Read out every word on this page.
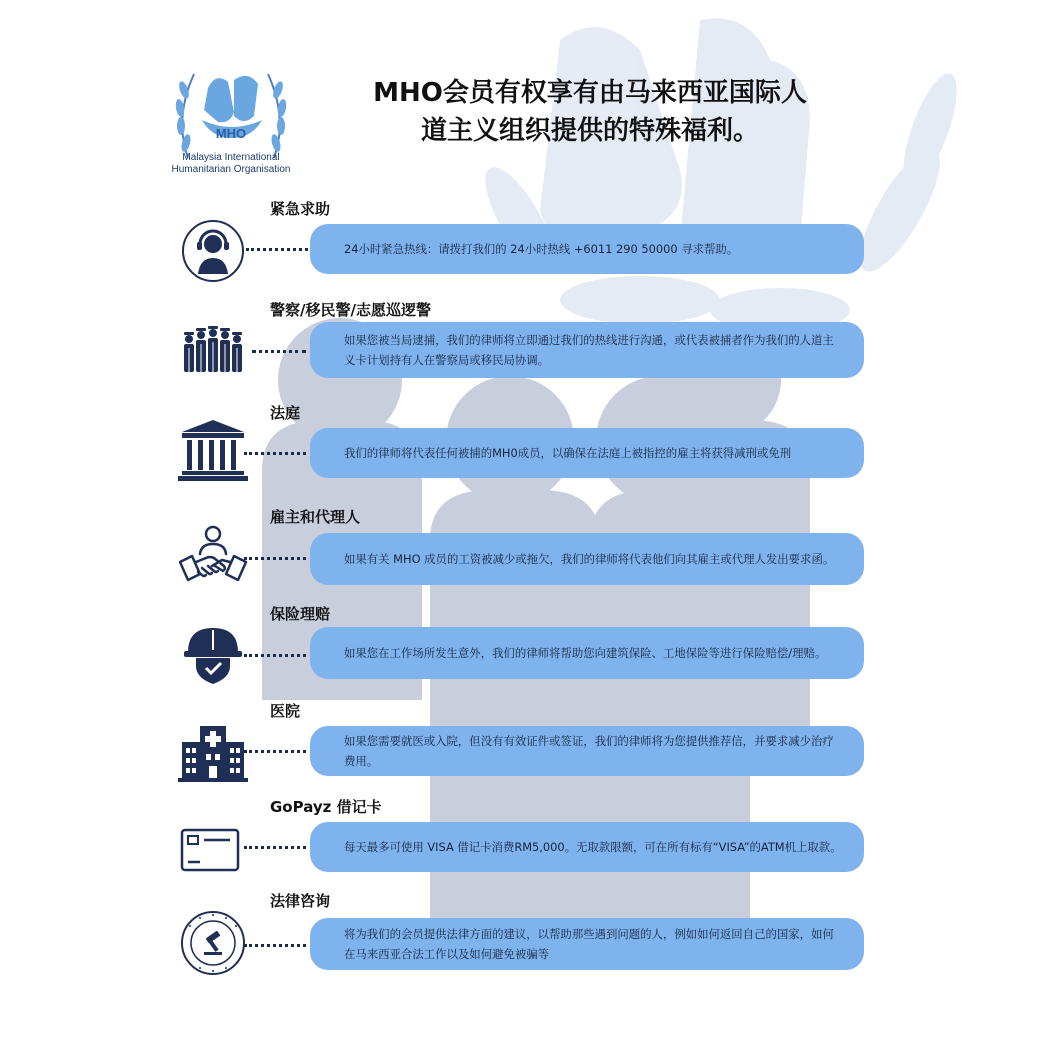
MHO
Malaysia International
Humanitarian Organisation
MHO会员有权享有由马来西亚国际人
道主义组织提供的特殊福利。
紧急求助
24小时紧急热线：请拨打我们的 24小时热线 +6011 290 50000 寻求帮助。
警察/移民警/志愿巡逻警
如果您被当局逮捕，我们的律师将立即通过我们的热线进行沟通，或代表被捕者作为我们的人道主义卡计划持有人在警察局或移民局协调。
法庭
我们的律师将代表任何被捕的MH0成员，以确保在法庭上被指控的雇主将获得减刑或免刑
雇主和代理人
如果有关 MHO 成员的工资被减少或拖欠，我们的律师将代表他们向其雇主或代理人发出要求函。
保险理赔
如果您在工作场所发生意外，我们的律师将帮助您向建筑保险、工地保险等进行保险赔偿/理赔。
医院
如果您需要就医或入院，但没有有效证件或签证，我们的律师将为您提供推荐信，并要求减少治疗费用。
GoPayz 借记卡
每天最多可使用 VISA 借记卡消费RM5,000。无取款限额，可在所有标有“VISA”的ATM机上取款。
法律咨询
将为我们的会员提供法律方面的建议，以帮助那些遇到问题的人，例如如何返回自己的国家，如何在马来西亚合法工作以及如何避免被骗等
